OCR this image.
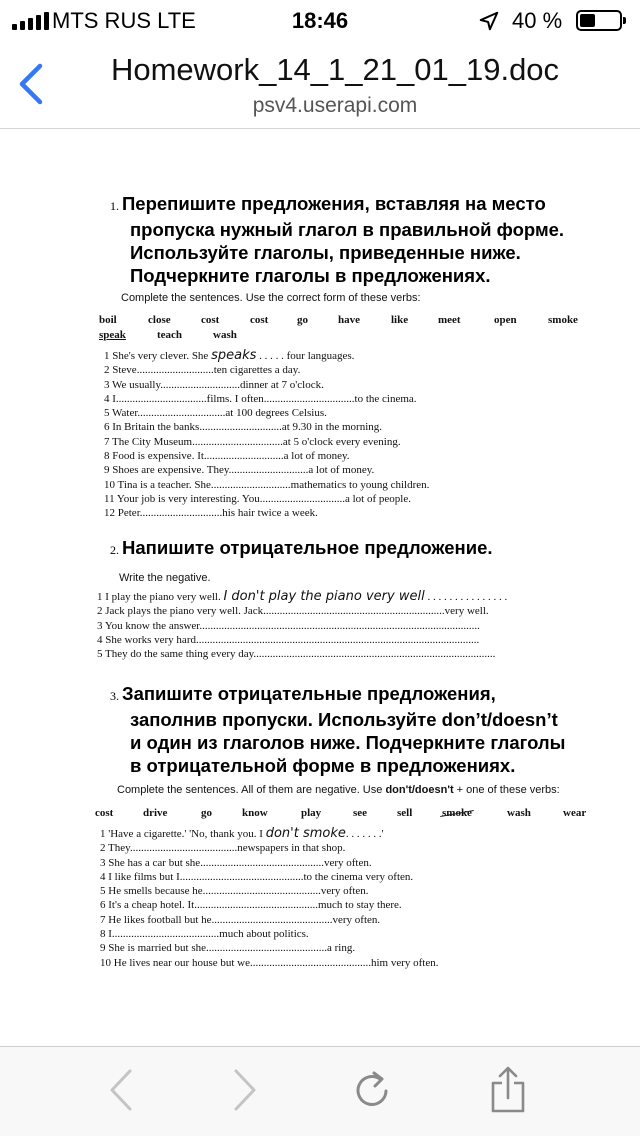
MTS RUS LTE	18:46	40 %
Homework_14_1_21_01_19.doc
psv4.userapi.com
1. Перепишите предложения, вставляя на место
пропуска нужный глагол в правильной форме.
Используйте глаголы, приведенные ниже.
Подчеркните глаголы в предложениях.
Complete the sentences. Use the correct form of these verbs:
boil	close	cost	cost	go	have	like	meet	open	smoke
speak	teach	wash
1 She's very clever. She speaks . . . . . four languages.
2 Steve............................ten cigarettes a day.
3 We usually.............................dinner at 7 o'clock.
4 I.................................films. I often.................................to the cinema.
5 Water................................at 100 degrees Celsius.
6 In Britain the banks..............................at 9.30 in the morning.
7 The City Museum.................................at 5 o'clock every evening.
8 Food is expensive. It.............................a lot of money.
9 Shoes are expensive. They.............................a lot of money.
10 Tina is a teacher. She.............................mathematics to young children.
11 Your job is very interesting. You...............................a lot of people.
12 Peter..............................his hair twice a week.
2. Напишите отрицательное предложение.
Write the negative.
1 I play the piano very well. I don't play the piano very well . . . . . . . . . . . . . . .
2 Jack plays the piano very well. Jack..................................................................very well.
3 You know the answer......................................................................................................
4 She works very hard.......................................................................................................
5 They do the same thing every day........................................................................................
3. Запишите отрицательные предложения,
заполнив пропуски. Используйте don’t/doesn’t
и один из глаголов ниже. Подчеркните глаголы
в отрицательной форме в предложениях.
Complete the sentences. All of them are negative. Use don't/doesn't + one of these verbs:
cost	drive	go	know	play	see	sell	smoke	wash	wear
1 'Have a cigarette.' 'No, thank you. I don't smoke. . . . . . .'
2 They.......................................newspapers in that shop.
3 She has a car but she.............................................very often.
4 I like films but I.............................................to the cinema very often.
5 He smells because he...........................................very often.
6 It's a cheap hotel. It.............................................much to stay there.
7 He likes football but he............................................very often.
8 I.......................................much about politics.
9 She is married but she............................................a ring.
10 He lives near our house but we............................................him very often.
